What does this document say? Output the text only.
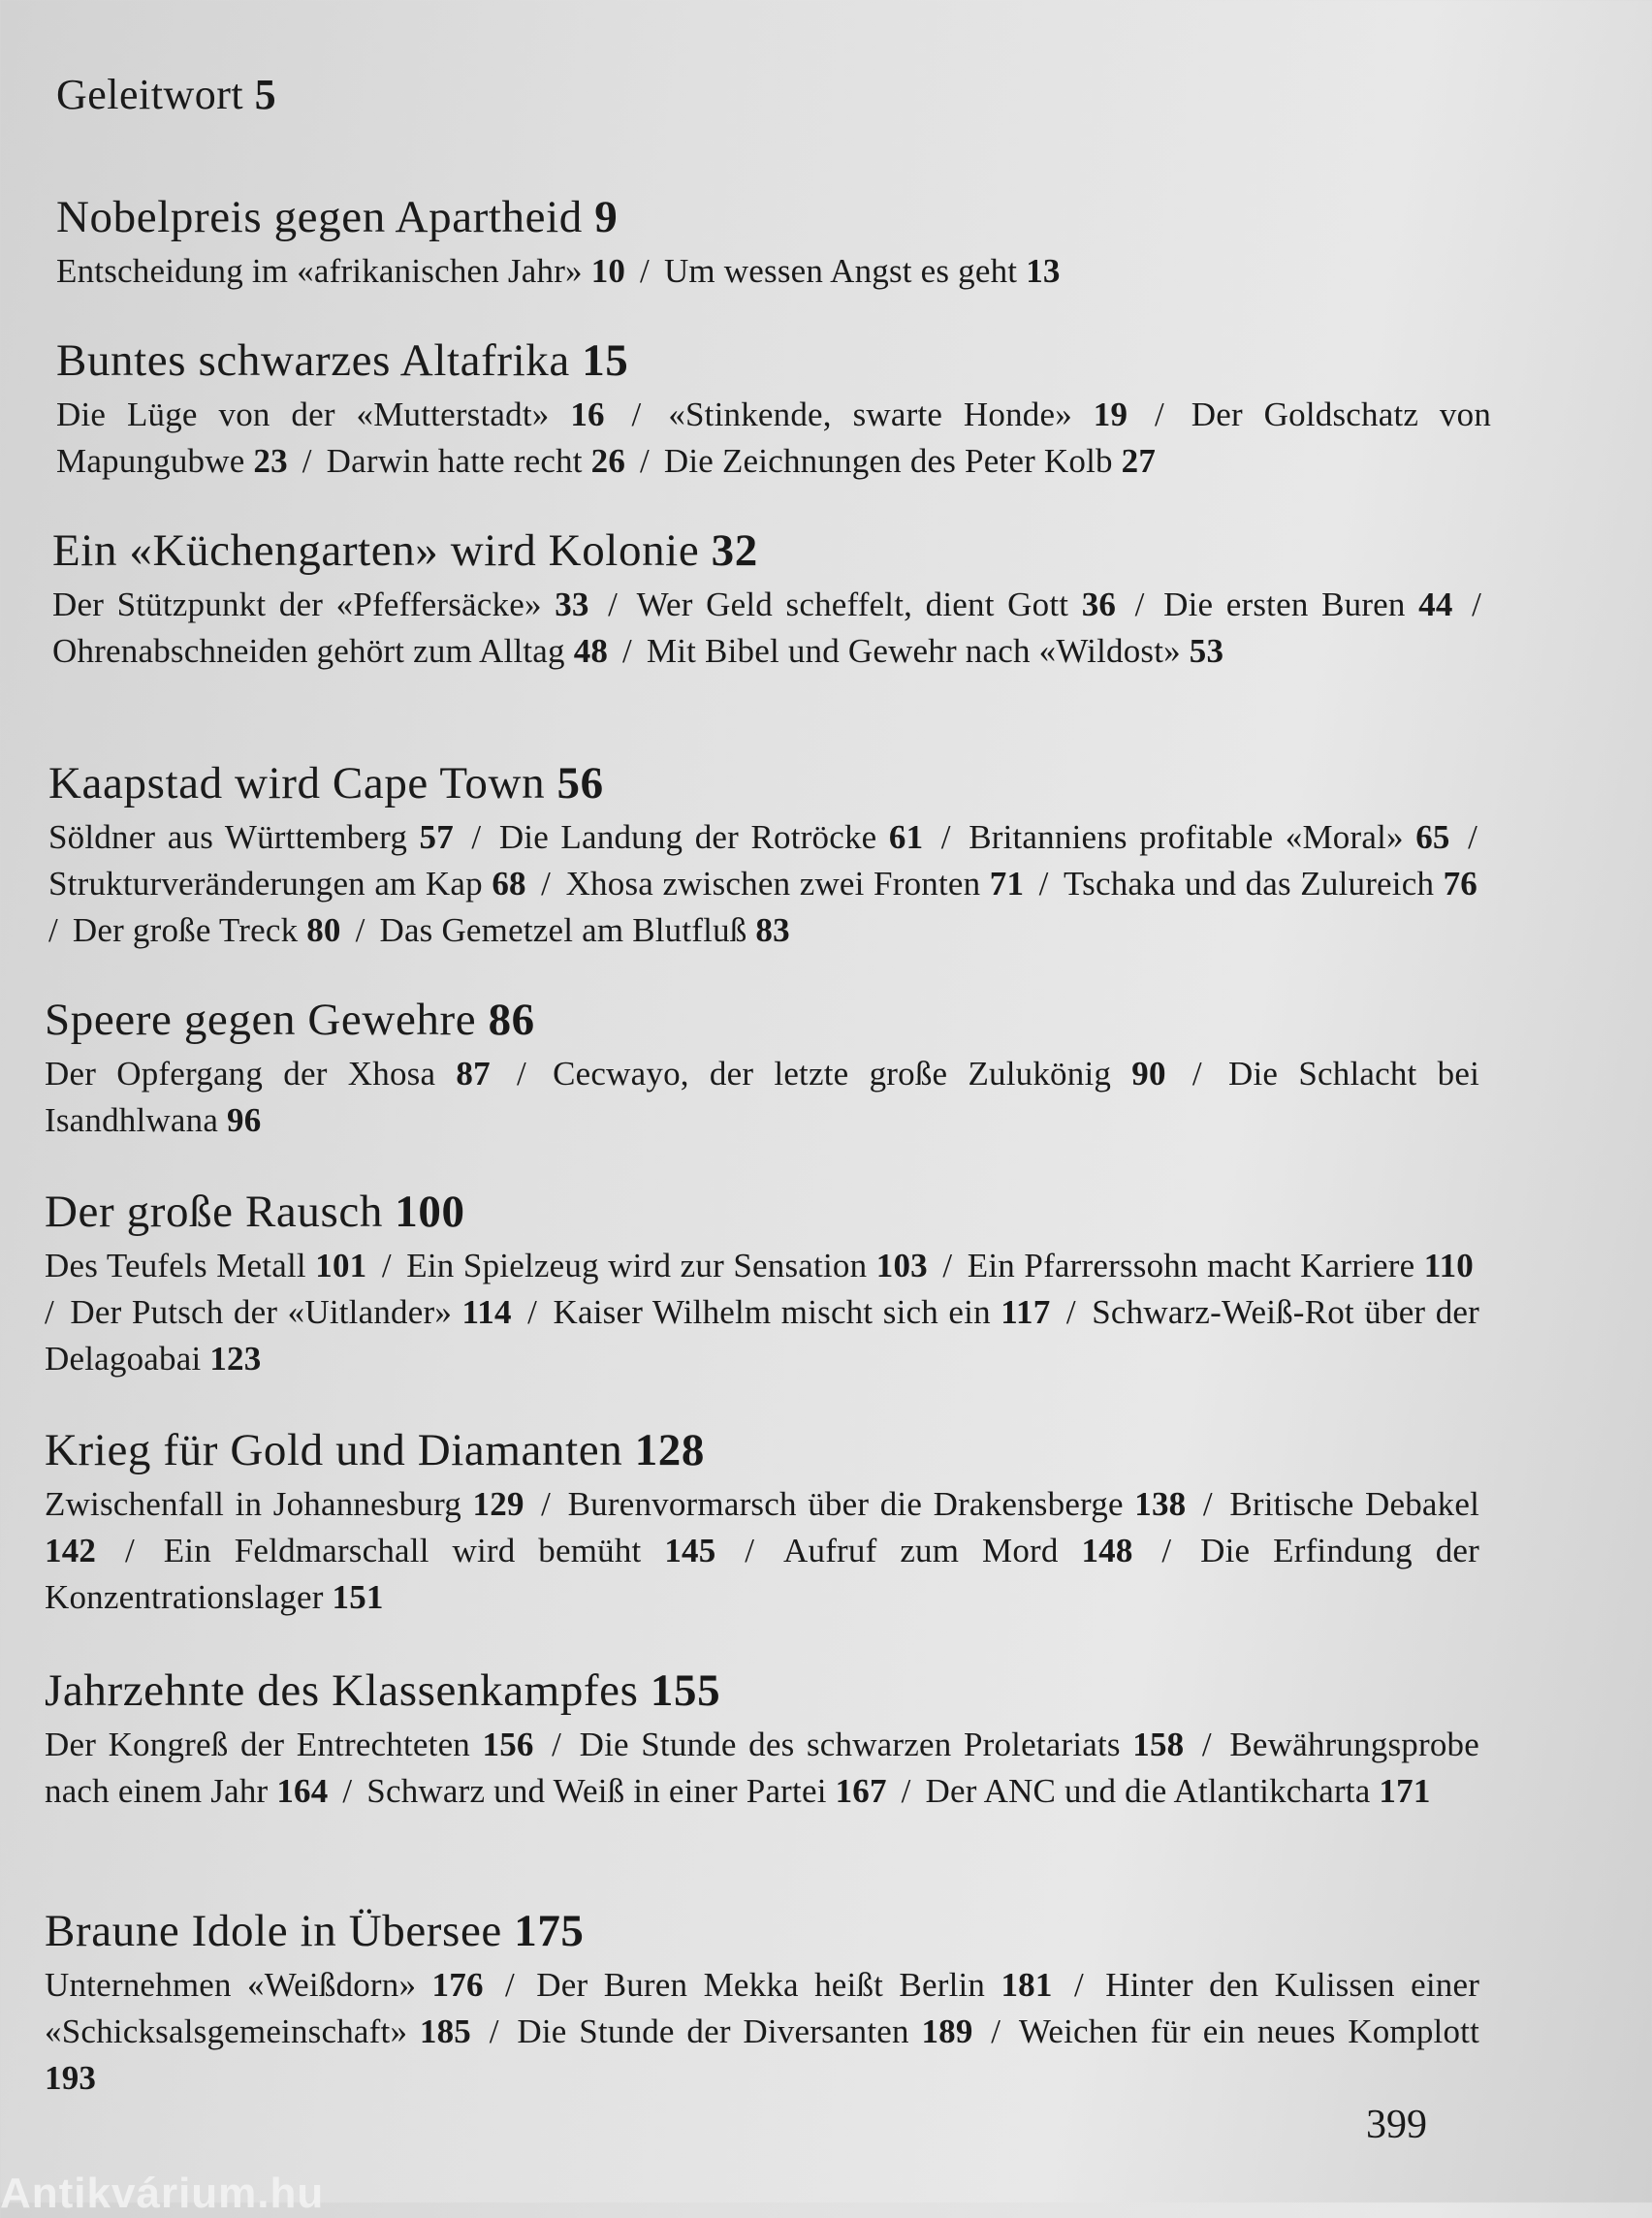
Geleitwort 5
Nobelpreis gegen Apartheid 9
Entscheidung im «afrikanischen Jahr» 10 / Um wessen Angst es geht 13
Buntes schwarzes Altafrika 15
Die Lüge von der «Mutterstadt» 16 / «Stinkende, swarte Honde» 19 / Der Goldschatz von Mapungubwe 23 / Darwin hatte recht 26 / Die Zeichnungen des Peter Kolb 27
Ein «Küchengarten» wird Kolonie 32
Der Stützpunkt der «Pfeffersäcke» 33 / Wer Geld scheffelt, dient Gott 36 / Die ersten Buren 44 / Ohrenabschneiden gehört zum Alltag 48 / Mit Bibel und Gewehr nach «Wildost» 53
Kaapstad wird Cape Town 56
Söldner aus Württemberg 57 / Die Landung der Rotröcke 61 / Britanniens profitable «Moral» 65 / Strukturveränderungen am Kap 68 / Xhosa zwischen zwei Fronten 71 / Tschaka und das Zulureich 76 / Der große Treck 80 / Das Gemetzel am Blutfluß 83
Speere gegen Gewehre 86
Der Opfergang der Xhosa 87 / Cecwayo, der letzte große Zulukönig 90 / Die Schlacht bei Isandhlwana 96
Der große Rausch 100
Des Teufels Metall 101 / Ein Spielzeug wird zur Sensation 103 / Ein Pfarrerssohn macht Karriere 110 / Der Putsch der «Uitlander» 114 / Kaiser Wilhelm mischt sich ein 117 / Schwarz-Weiß-Rot über der Delagoabai 123
Krieg für Gold und Diamanten 128
Zwischenfall in Johannesburg 129 / Burenvormarsch über die Drakensberge 138 / Britische Debakel 142 / Ein Feldmarschall wird bemüht 145 / Aufruf zum Mord 148 / Die Erfindung der Konzentrationslager 151
Jahrzehnte des Klassenkampfes 155
Der Kongreß der Entrechteten 156 / Die Stunde des schwarzen Proletariats 158 / Bewährungsprobe nach einem Jahr 164 / Schwarz und Weiß in einer Partei 167 / Der ANC und die Atlantikcharta 171
Braune Idole in Übersee 175
Unternehmen «Weißdorn» 176 / Der Buren Mekka heißt Berlin 181 / Hinter den Kulissen einer «Schicksalsgemeinschaft» 185 / Die Stunde der Diversanten 189 / Weichen für ein neues Komplott 193
399
Antikvárium.hu
